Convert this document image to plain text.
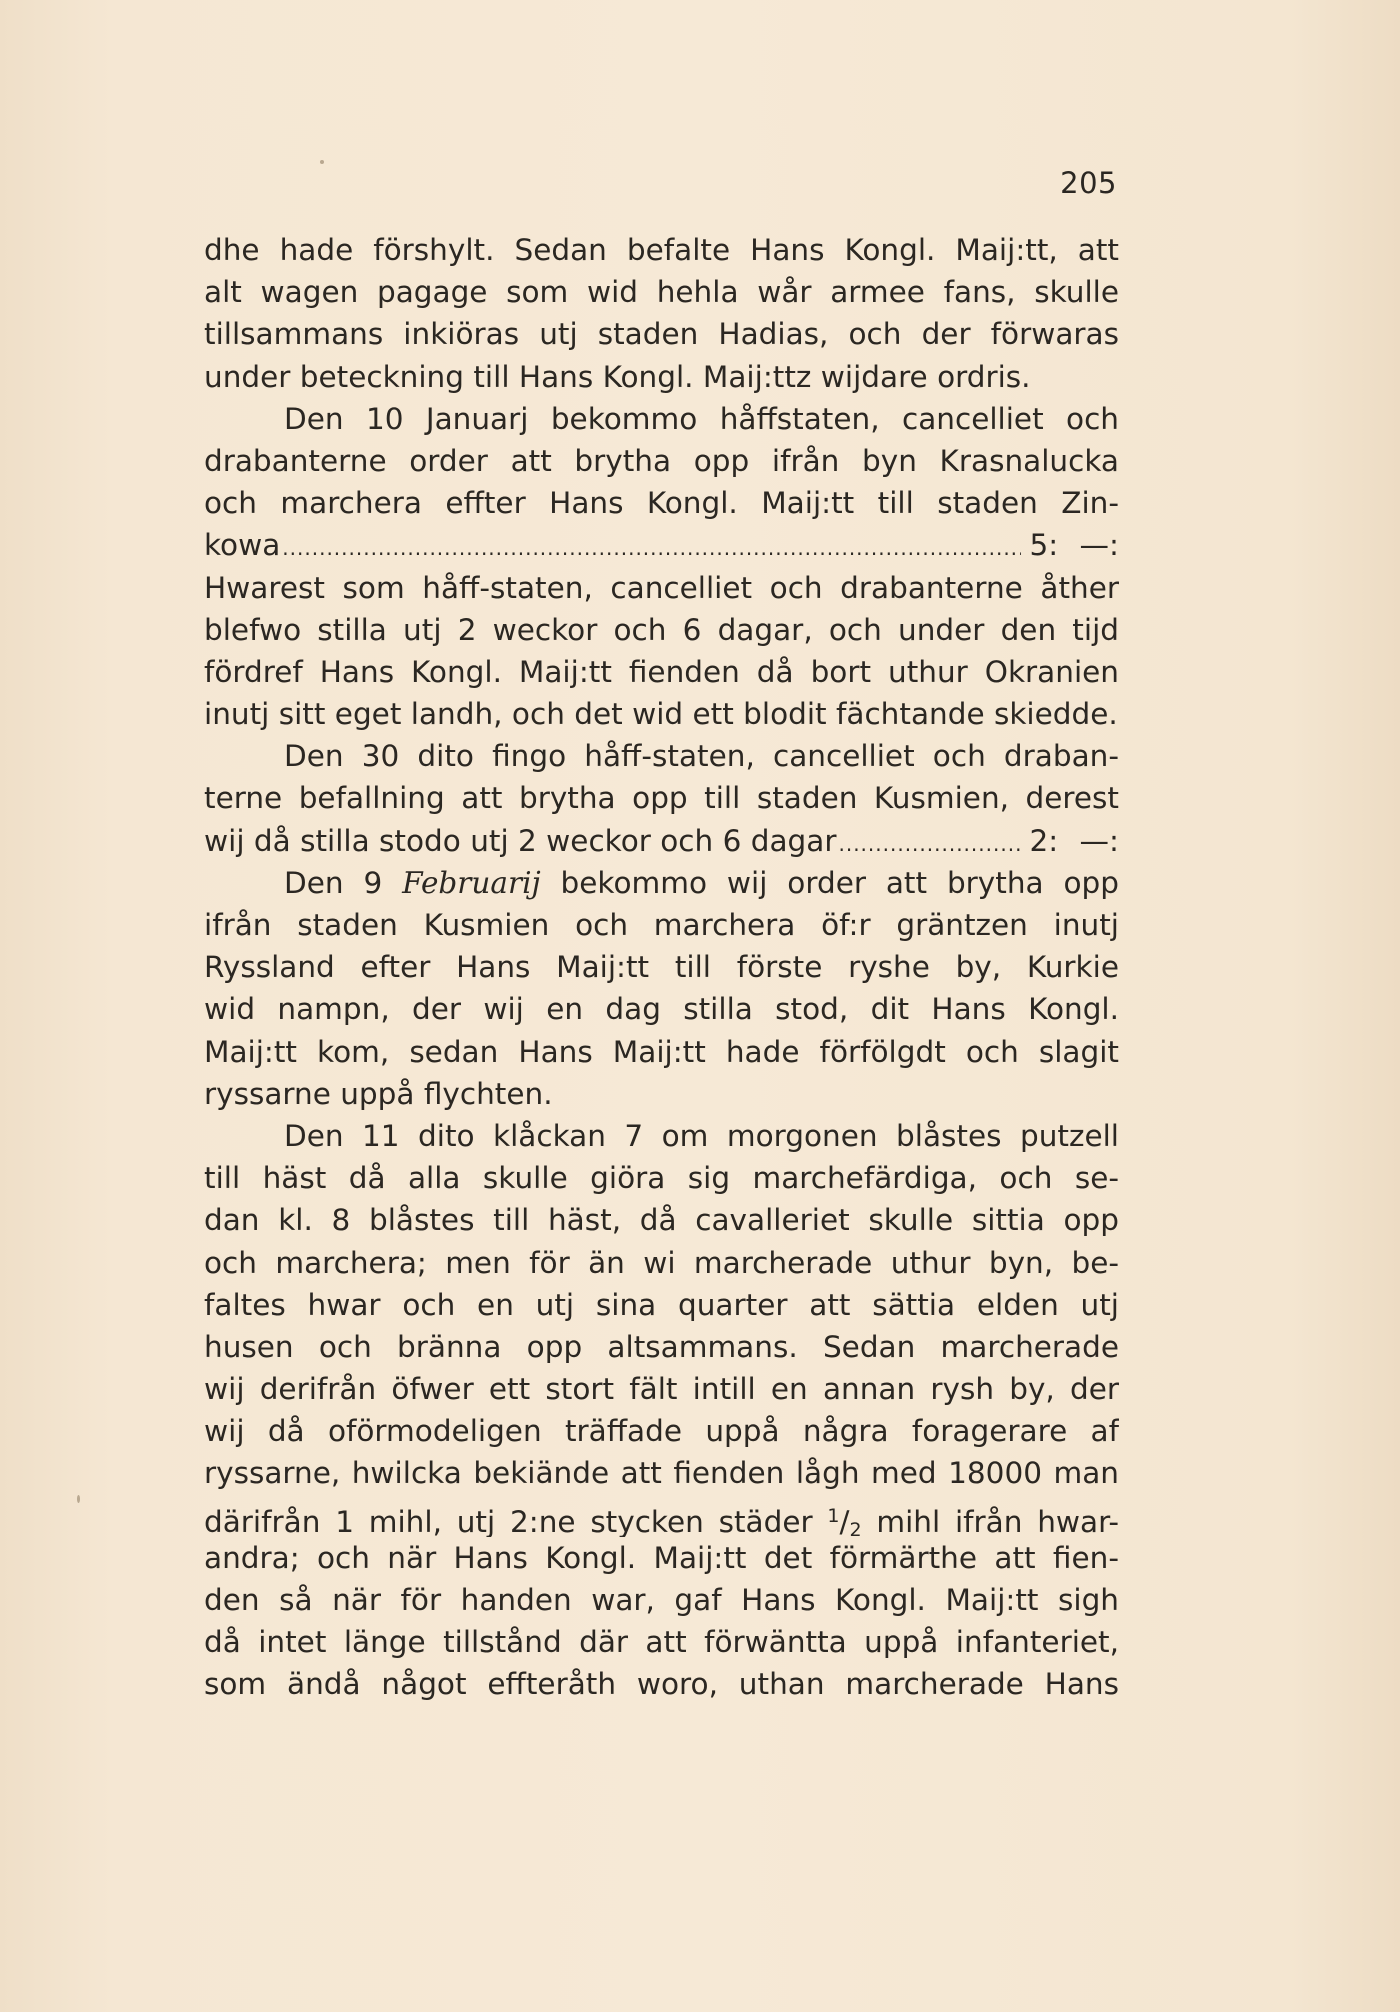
205
dhe hade förshylt. Sedan befalte Hans Kongl. Maij:tt, att
alt wagen pagage som wid hehla wår armee fans, skulle
tillsammans inkiöras utj staden Hadias, och der förwaras
under beteckning till Hans Kongl. Maij:ttz wijdare ordris.
Den 10 Januarj bekommo håffstaten, cancelliet och
drabanterne order att brytha opp ifrån byn Krasnalucka
och marchera effter Hans Kongl. Maij:tt till staden Zin-
kowa .....	5: —:
Hwarest som håff-staten, cancelliet och drabanterne åther
blefwo stilla utj 2 weckor och 6 dagar, och under den tijd
fördref Hans Kongl. Maij:tt fienden då bort uthur Okranien
inutj sitt eget landh, och det wid ett blodit fächtande skiedde.
Den 30 dito fingo håff-staten, cancelliet och draban-
terne befallning att brytha opp till staden Kusmien, derest
wij då stilla stodo utj 2 weckor och 6 dagar .....	2: —:
Den 9 Februarij bekommo wij order att brytha opp
ifrån staden Kusmien och marchera öf:r gräntzen inutj
Ryssland efter Hans Maij:tt till förste ryshe by, Kurkie
wid nampn, der wij en dag stilla stod, dit Hans Kongl.
Maij:tt kom, sedan Hans Maij:tt hade förfölgdt och slagit
ryssarne uppå flychten.
Den 11 dito klåckan 7 om morgonen blåstes putzell
till häst då alla skulle giöra sig marchefärdiga, och se-
dan kl. 8 blåstes till häst, då cavalleriet skulle sittia opp
och marchera; men för än wi marcherade uthur byn, be-
faltes hwar och en utj sina quarter att sättia elden utj
husen och bränna opp altsammans. Sedan marcherade
wij derifrån öfwer ett stort fält intill en annan rysh by, der
wij då oförmodeligen träffade uppå några foragerare af
ryssarne, hwilcka bekiände att fienden lågh med 18000 man
därifrån 1 mihl, utj 2:ne stycken städer $^1$/2 mihl ifrån hwar-
andra; och när Hans Kongl. Maij:tt det förmärthe att fien-
den så när för handen war, gaf Hans Kongl. Maij:tt sigh
då intet länge tillstånd där att förwäntta uppå infanteriet,
som ändå något effteråth woro, uthan marcherade Hans
